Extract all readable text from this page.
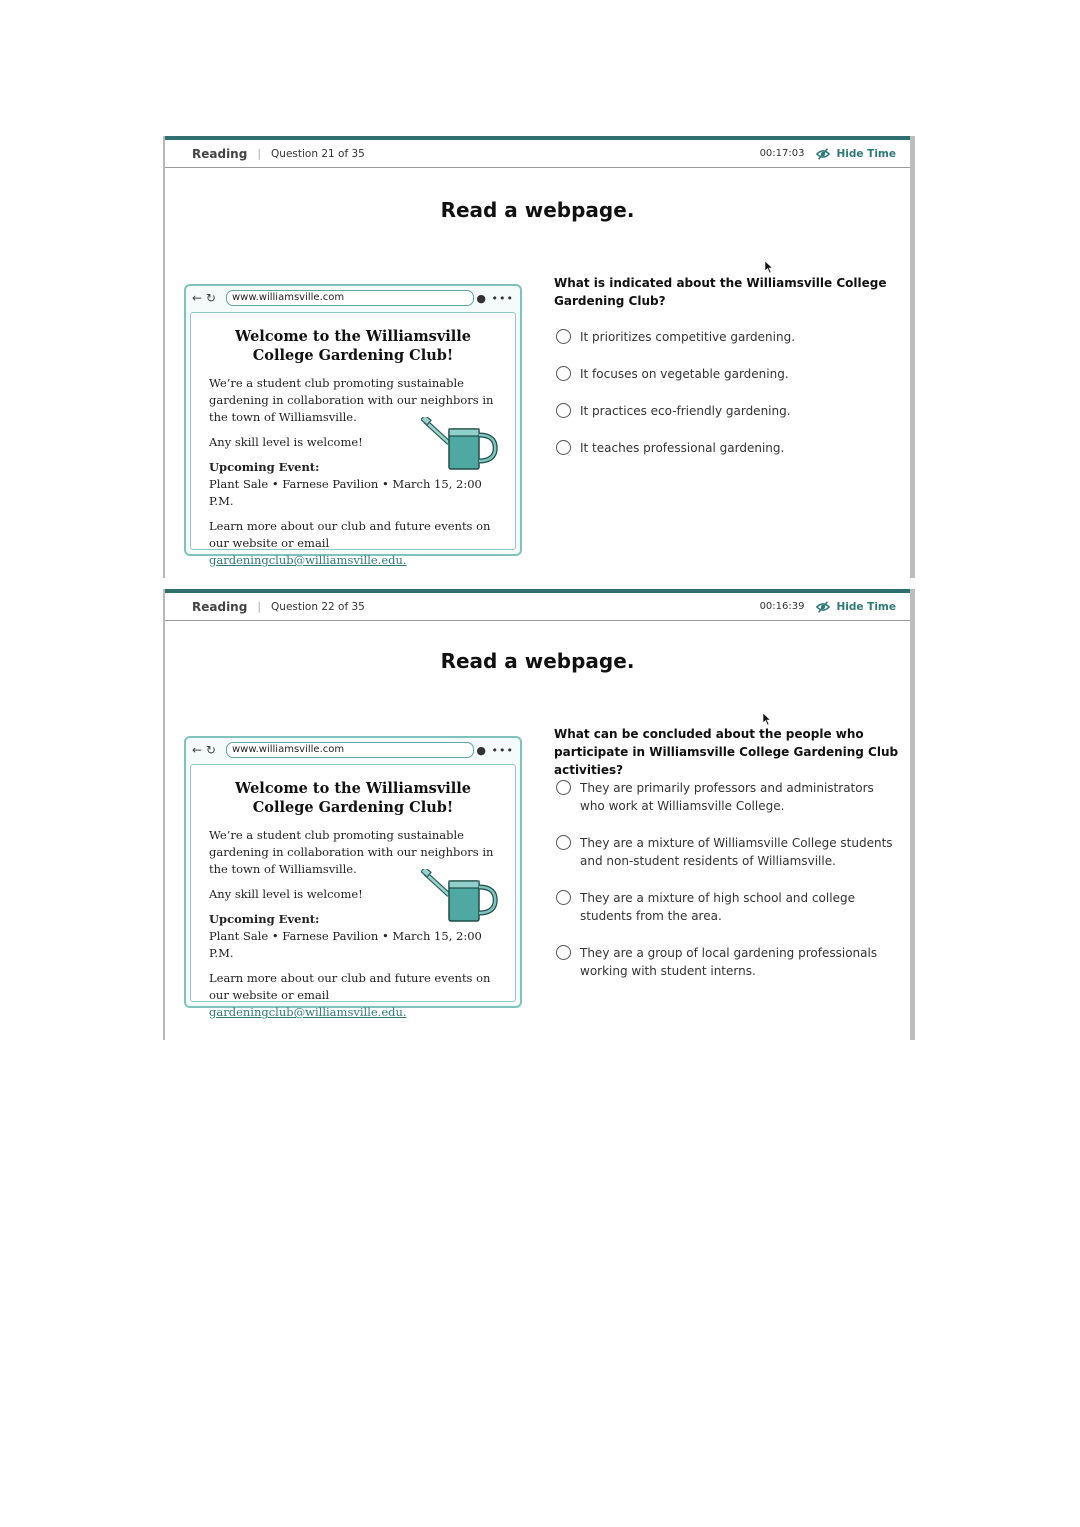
Reading | Question 21 of 35	00:17:03	Hide Time
Read a webpage.
← ↻	www.williamsville.com	● •••
Welcome to the Williamsville College Gardening Club!

We’re a student club promoting sustainable gardening in collaboration with our neighbors in the town of Williamsville.

Any skill level is welcome!

Upcoming Event:

Plant Sale • Farnese Pavilion • March 15, 2:00 P.M.

Learn more about our club and future events on our website or email gardeningclub@williamsville.edu.

What is indicated about the Williamsville College Gardening Club?
It prioritizes competitive gardening.
It focuses on vegetable gardening.
It practices eco-friendly gardening.
It teaches professional gardening.
Reading | Question 22 of 35	00:16:39	Hide Time
Read a webpage.
← ↻	www.williamsville.com	● •••
Welcome to the Williamsville College Gardening Club!

We’re a student club promoting sustainable gardening in collaboration with our neighbors in the town of Williamsville.

Any skill level is welcome!

Upcoming Event:

Plant Sale • Farnese Pavilion • March 15, 2:00 P.M.

Learn more about our club and future events on our website or email gardeningclub@williamsville.edu.

What can be concluded about the people who participate in Williamsville College Gardening Club activities?
They are primarily professors and administrators who work at Williamsville College.
They are a mixture of Williamsville College students and non-student residents of Williamsville.
They are a mixture of high school and college students from the area.
They are a group of local gardening professionals working with student interns.
